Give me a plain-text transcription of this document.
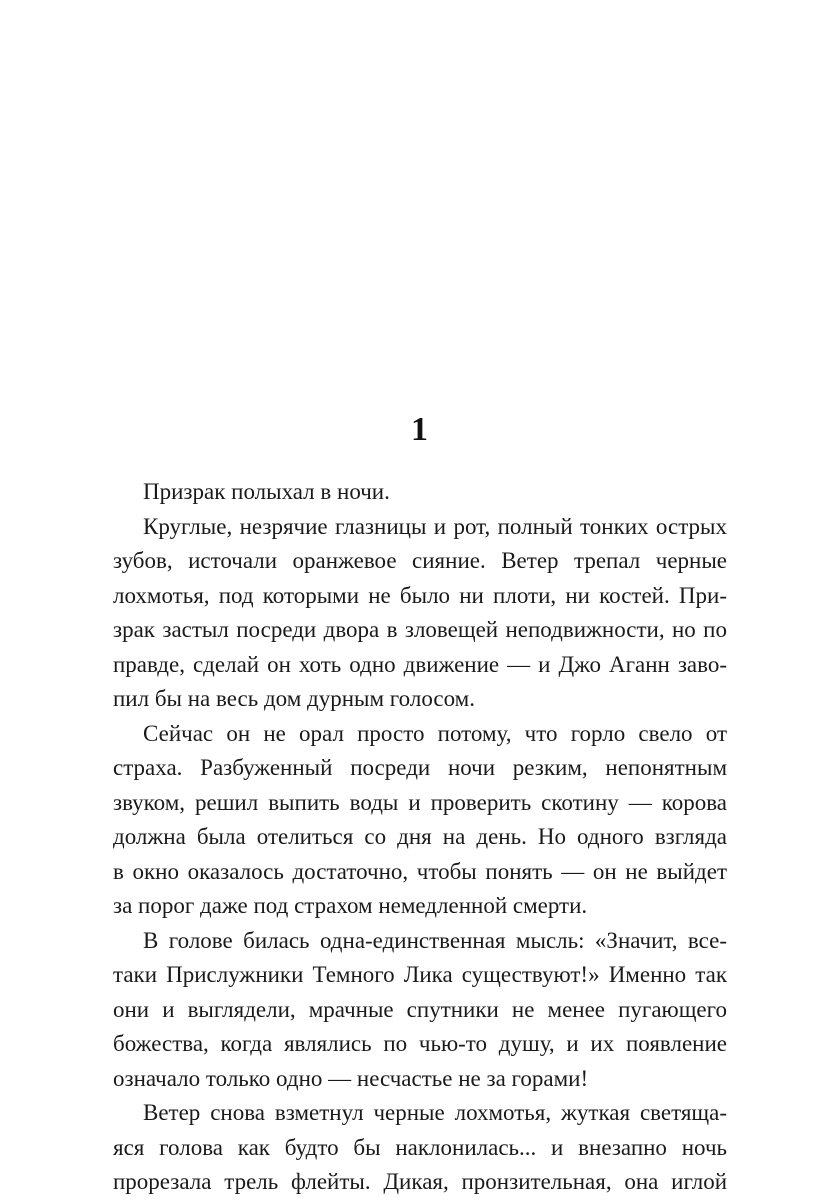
1
Призрак полыхал в ночи.
Круглые, незрячие глазницы и рот, полный тонких острых
зубов, источали оранжевое сияние. Ветер трепал черные
лохмотья, под которыми не было ни плоти, ни костей. При-
зрак застыл посреди двора в зловещей неподвижности, но по
правде, сделай он хоть одно движение — и Джо Аганн заво-
пил бы на весь дом дурным голосом.
Сейчас он не орал просто потому, что горло свело от
страха. Разбуженный посреди ночи резким, непонятным
звуком, решил выпить воды и проверить скотину — корова
должна была отелиться со дня на день. Но одного взгляда
в окно оказалось достаточно, чтобы понять — он не выйдет
за порог даже под страхом немедленной смерти.
В голове билась одна-единственная мысль: «Значит, все-
таки Прислужники Темного Лика существуют!» Именно так
они и выглядели, мрачные спутники не менее пугающего
божества, когда являлись по чью-то душу, и их появление
означало только одно — несчастье не за горами!
Ветер снова взметнул черные лохмотья, жуткая светяща-
яся голова как будто бы наклонилась... и внезапно ночь
прорезала трель флейты. Дикая, пронзительная, она иглой
